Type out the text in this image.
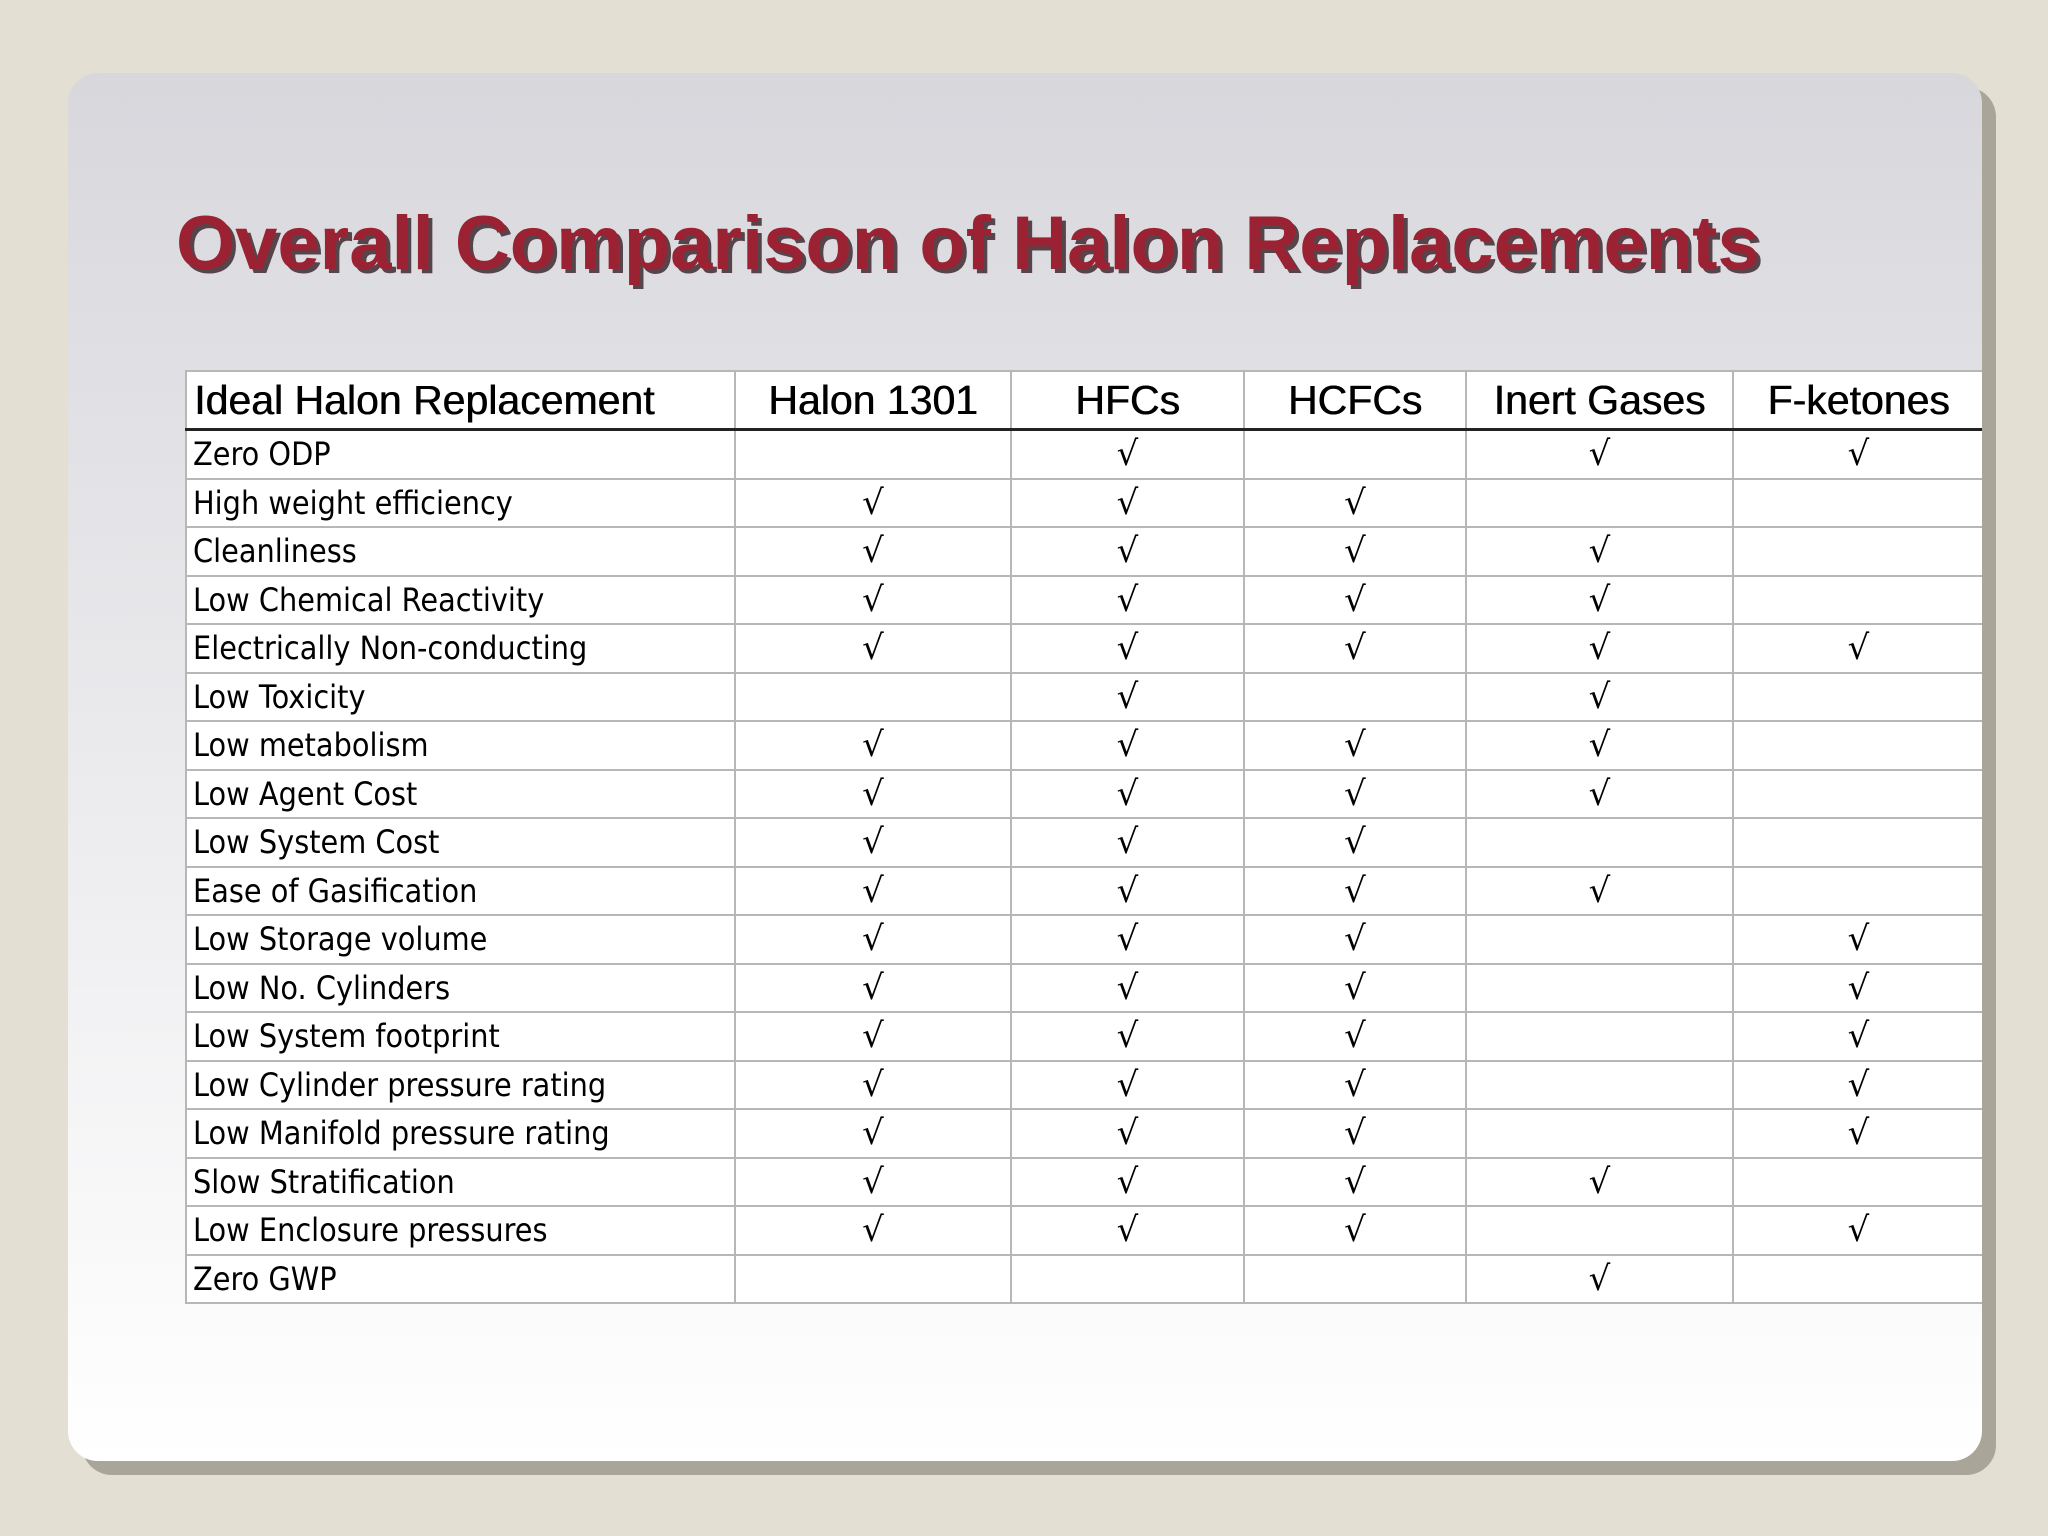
Overall Comparison of Halon Replacements
Ideal Halon Replacement	Halon 1301	HFCs	HCFCs	Inert Gases	F-ketones
Zero ODP		√		√	√
High weight efficiency	√	√	√		
Cleanliness	√	√	√	√	
Low Chemical Reactivity	√	√	√	√	
Electrically Non-conducting	√	√	√	√	√
Low Toxicity		√		√	
Low metabolism	√	√	√	√	
Low Agent Cost	√	√	√	√	
Low System Cost	√	√	√		
Ease of Gasification	√	√	√	√	
Low Storage volume	√	√	√		√
Low No. Cylinders	√	√	√		√
Low System footprint	√	√	√		√
Low Cylinder pressure rating	√	√	√		√
Low Manifold pressure rating	√	√	√		√
Slow Stratification	√	√	√	√	
Low Enclosure pressures	√	√	√		√
Zero GWP				√	
